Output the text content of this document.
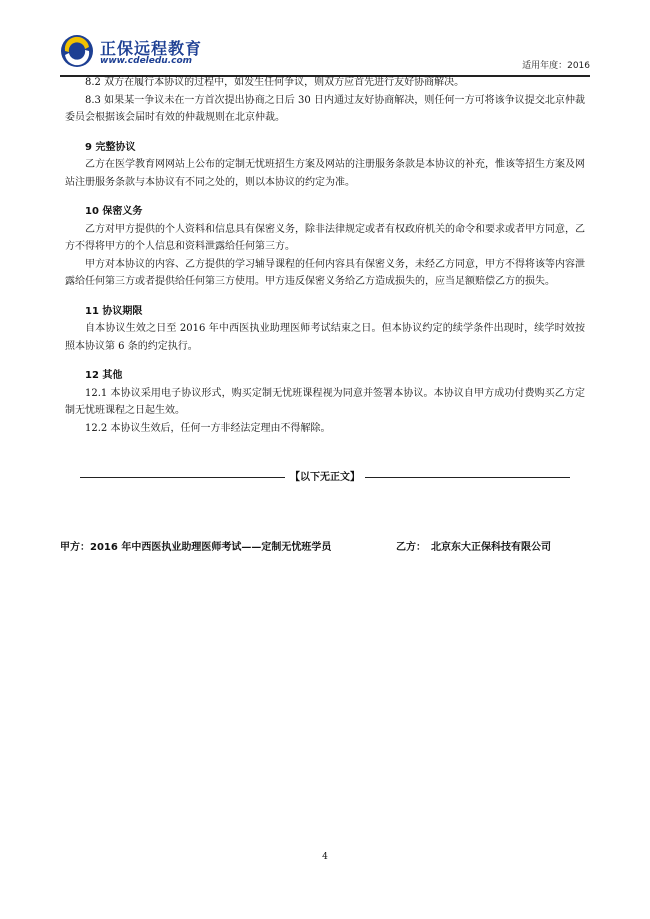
正保远程教育
www.cdeledu.com	适用年度：2016

8.2 双方在履行本协议的过程中，如发生任何争议，则双方应首先进行友好协商解决。

8.3 如果某一争议未在一方首次提出协商之日后 30 日内通过友好协商解决，则任何一方可将该争议提交北京仲裁委员会根据该会届时有效的仲裁规则在北京仲裁。

9 完整协议

乙方在医学教育网网站上公布的定制无忧班招生方案及网站的注册服务条款是本协议的补充，惟该等招生方案及网站注册服务条款与本协议有不同之处的，则以本协议的约定为准。

10 保密义务

乙方对甲方提供的个人资料和信息具有保密义务，除非法律规定或者有权政府机关的命令和要求或者甲方同意，乙方不得将甲方的个人信息和资料泄露给任何第三方。

甲方对本协议的内容、乙方提供的学习辅导课程的任何内容具有保密义务，未经乙方同意，甲方不得将该等内容泄露给任何第三方或者提供给任何第三方使用。甲方违反保密义务给乙方造成损失的，应当足额赔偿乙方的损失。

11 协议期限

自本协议生效之日至 2016 年中西医执业助理医师考试结束之日。但本协议约定的续学条件出现时，续学时效按照本协议第 6 条的约定执行。

12 其他

12.1 本协议采用电子协议形式，购买定制无忧班课程视为同意并签署本协议。本协议自甲方成功付费购买乙方定制无忧班课程之日起生效。

12.2 本协议生效后，任何一方非经法定理由不得解除。

【以下无正文】
甲方：2016 年中西医执业助理医师考试——定制无忧班学员	乙方：　北京东大正保科技有限公司
4
